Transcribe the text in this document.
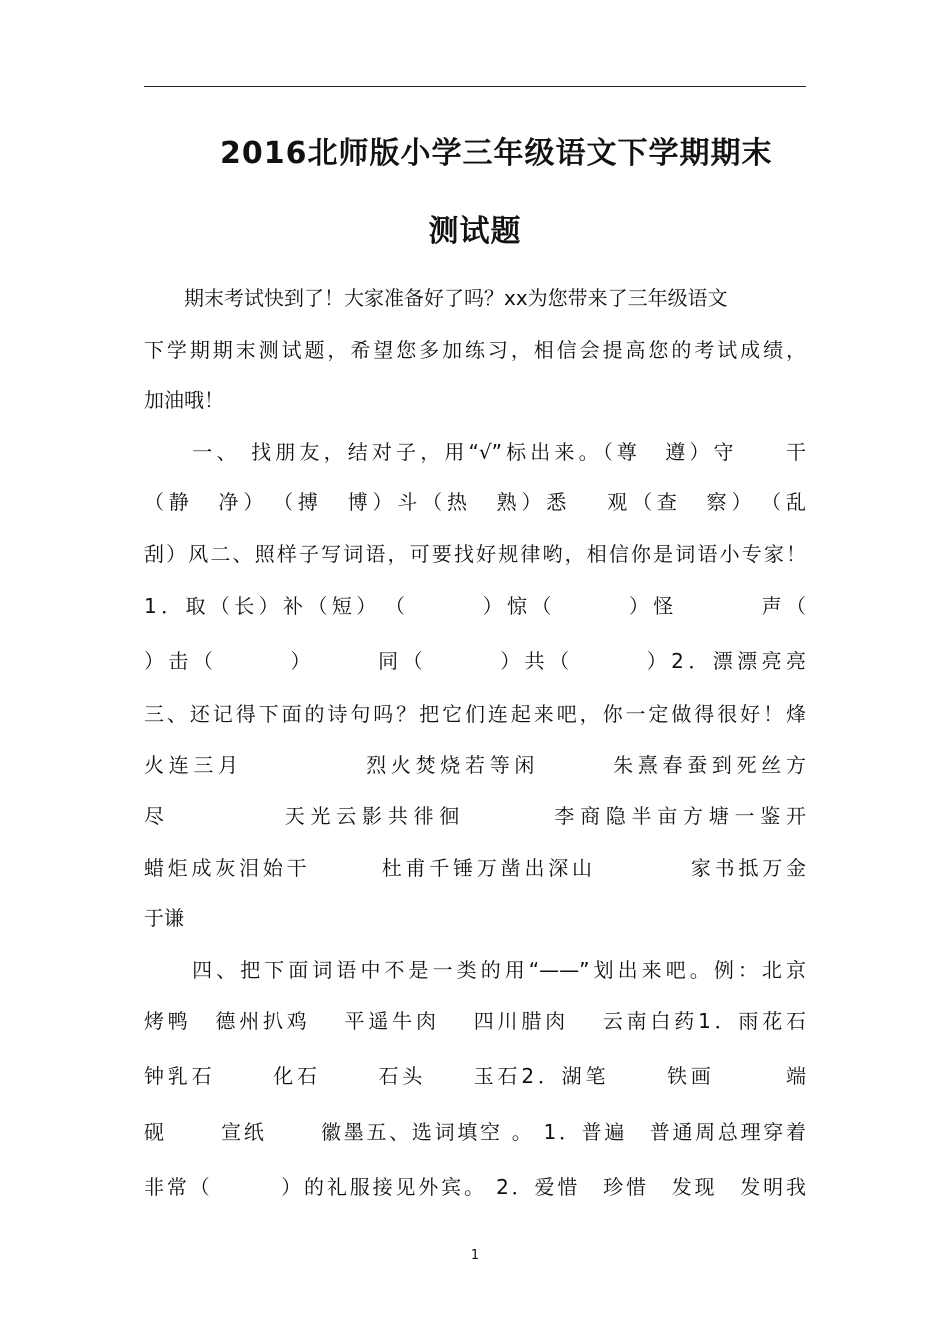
2016北师版小学三年级语文下学期期末
测试题
　　期末考试快到了！大家准备好了吗？xx为您带来了三年级语文
下学期期末测试题，希望您多加练习，相信会提高您的考试成绩，
加油哦！
　　一、 找朋友，结对子，用“√”标出来。（尊　遵）守　　干
（静　净）　（搏　博）斗（热　熟）悉　 观（查　察）　（乱
刮）风二、照样子写词语，可要找好规律哟，相信你是词语小专家！
1．取（长）补（短）　（　　　）惊（　　　）怪　　　 声（
）击（　　　）　　　同（　　　）共（　　　）2．漂漂亮亮
三、还记得下面的诗句吗？把它们连起来吧，你一定做得很好！烽
火连三月　　　　　烈火焚烧若等闲　　　朱熹春蚕到死丝方
尽　　　　 天光云影共徘徊　　　 李商隐半亩方塘一鉴开
蜡炬成灰泪始干　　　杜甫千锤万凿出深山　　　　家书抵万金
于谦
　　四、把下面词语中不是一类的用“——”划出来吧。例：北京
烤鸭　德州扒鸡　 平遥牛肉　 四川腊肉　 云南白药1．雨花石
钟乳石　　 化石　　 石头　　玉石2．湖笔　　 铁画　　　端
砚　　 宣纸　　 徽墨五、选词填空 。 1．普遍　普通周总理穿着
非常（　　　）的礼服接见外宾。 2．爱惜　珍惜　发现　发明我
1
